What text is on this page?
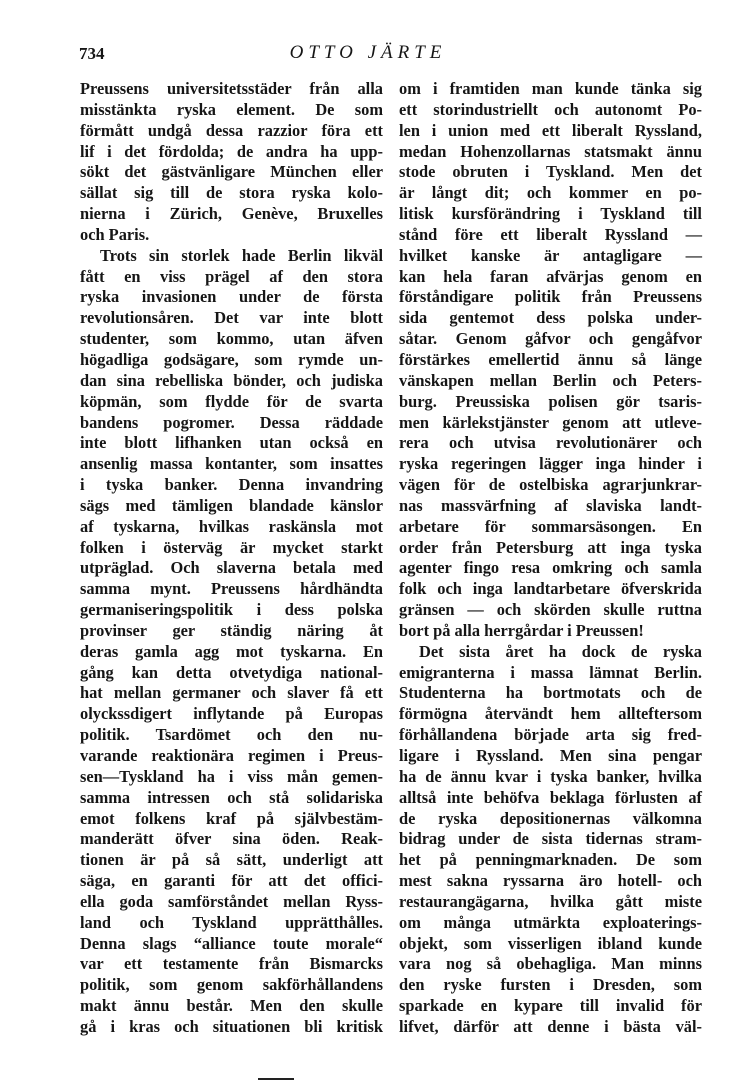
734	OTTO JÄRTE
Preussens universitetsstäder från alla
misstänkta ryska element. De som
förmått undgå dessa razzior föra ett
lif i det fördolda; de andra ha upp-
sökt det gästvänligare München eller
sällat sig till de stora ryska kolo-
nierna i Zürich, Genève, Bruxelles
och Paris.
Trots sin storlek hade Berlin likväl
fått en viss prägel af den stora
ryska invasionen under de första
revolutionsåren. Det var inte blott
studenter, som kommo, utan äfven
högadliga godsägare, som rymde un-
dan sina rebelliska bönder, och judiska
köpmän, som flydde för de svarta
bandens pogromer. Dessa räddade
inte blott lifhanken utan också en
ansenlig massa kontanter, som insattes
i tyska banker. Denna invandring
sägs med tämligen blandade känslor
af tyskarna, hvilkas raskänsla mot
folken i österväg är mycket starkt
utpräglad. Och slaverna betala med
samma mynt. Preussens hårdhändta
germaniseringspolitik i dess polska
provinser ger ständig näring åt
deras gamla agg mot tyskarna. En
gång kan detta otvetydiga national-
hat mellan germaner och slaver få ett
olyckssdigert inflytande på Europas
politik. Tsardömet och den nu-
varande reaktionära regimen i Preus-
sen—Tyskland ha i viss mån gemen-
samma intressen och stå solidariska
emot folkens kraf på självbestäm-
manderätt öfver sina öden. Reak-
tionen är på så sätt, underligt att
säga, en garanti för att det offici-
ella goda samförståndet mellan Ryss-
land och Tyskland upprätthålles.
Denna slags “alliance toute morale“
var ett testamente från Bismarcks
politik, som genom sakförhållandens
makt ännu består. Men den skulle
gå i kras och situationen bli kritisk
om i framtiden man kunde tänka sig
ett storindustriellt och autonomt Po-
len i union med ett liberalt Ryssland,
medan Hohenzollarnas statsmakt ännu
stode obruten i Tyskland. Men det
är långt dit; och kommer en po-
litisk kursförändring i Tyskland till
stånd före ett liberalt Ryssland —
hvilket kanske är antagligare —
kan hela faran afvärjas genom en
förståndigare politik från Preussens
sida gentemot dess polska under-
såtar. Genom gåfvor och gengåfvor
förstärkes emellertid ännu så länge
vänskapen mellan Berlin och Peters-
burg. Preussiska polisen gör tsaris-
men kärlekstjänster genom att utleve-
rera och utvisa revolutionärer och
ryska regeringen lägger inga hinder i
vägen för de ostelbiska agrarjunkrar-
nas massvärfning af slaviska landt-
arbetare för sommarsäsongen. En
order från Petersburg att inga tyska
agenter fingo resa omkring och samla
folk och inga landtarbetare öfverskrida
gränsen — och skörden skulle ruttna
bort på alla herrgårdar i Preussen!
Det sista året ha dock de ryska
emigranterna i massa lämnat Berlin.
Studenterna ha bortmotats och de
förmögna återvändt hem allteftersom
förhållandena började arta sig fred-
ligare i Ryssland. Men sina pengar
ha de ännu kvar i tyska banker, hvilka
alltså inte behöfva beklaga förlusten af
de ryska depositionernas välkomna
bidrag under de sista tidernas stram-
het på penningmarknaden. De som
mest sakna ryssarna äro hotell- och
restaurangägarna, hvilka gått miste
om många utmärkta exploaterings-
objekt, som visserligen ibland kunde
vara nog så obehagliga. Man minns
den ryske fursten i Dresden, som
sparkade en kypare till invalid för
lifvet, därför att denne i bästa väl-
